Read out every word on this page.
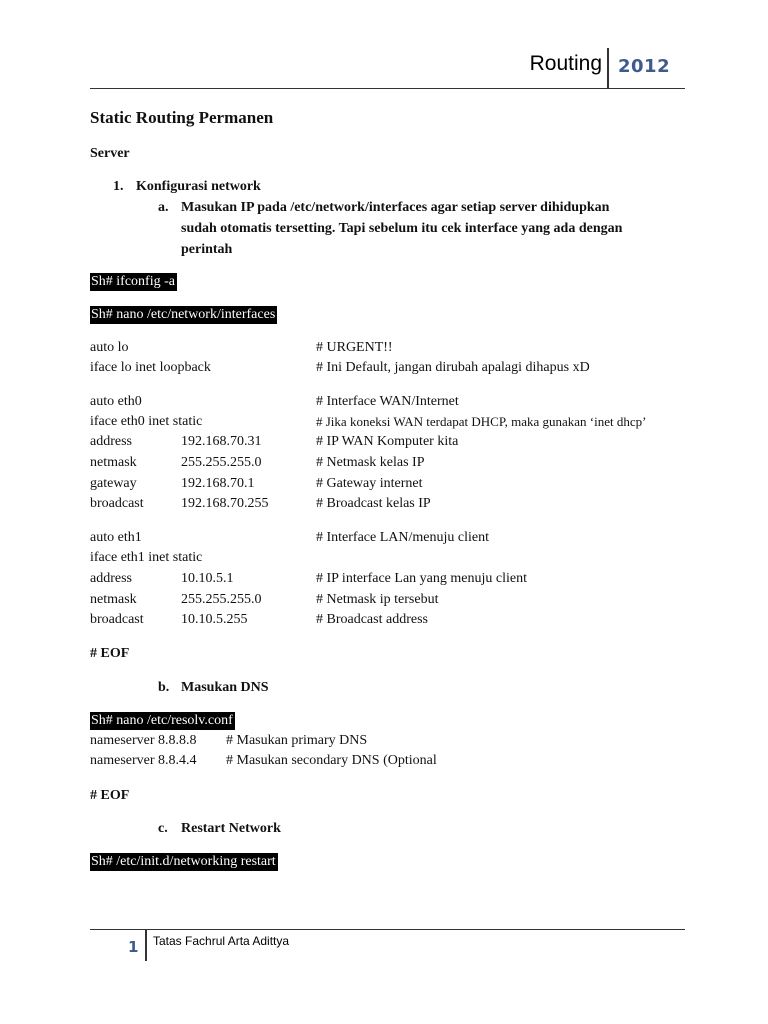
Routing 2012
Static Routing Permanen
Server
1. Konfigurasi network
a. Masukan IP pada /etc/network/interfaces agar setiap server dihidupkan
sudah otomatis tersetting. Tapi sebelum itu cek interface yang ada dengan
perintah
Sh# ifconfig -a
Sh# nano /etc/network/interfaces
auto lo	# URGENT!!
iface lo inet loopback	# Ini Default, jangan dirubah apalagi dihapus xD
auto eth0	# Interface WAN/Internet
iface eth0 inet static	# Jika koneksi WAN terdapat DHCP, maka gunakan ‘inet dhcp’
address	192.168.70.31	# IP WAN Komputer kita
netmask	255.255.255.0	# Netmask kelas IP
gateway	192.168.70.1	# Gateway internet
broadcast	192.168.70.255	# Broadcast kelas IP
auto eth1	# Interface LAN/menuju client
iface eth1 inet static
address	10.10.5.1	# IP interface Lan yang menuju client
netmask	255.255.255.0	# Netmask ip tersebut
broadcast	10.10.5.255	# Broadcast address
# EOF
b. Masukan DNS
Sh# nano /etc/resolv.conf
nameserver 8.8.8.8 # Masukan primary DNS
nameserver 8.8.4.4 # Masukan secondary DNS (Optional
# EOF
c. Restart Network
Sh# /etc/init.d/networking restart
1 Tatas Fachrul Arta Adittya
